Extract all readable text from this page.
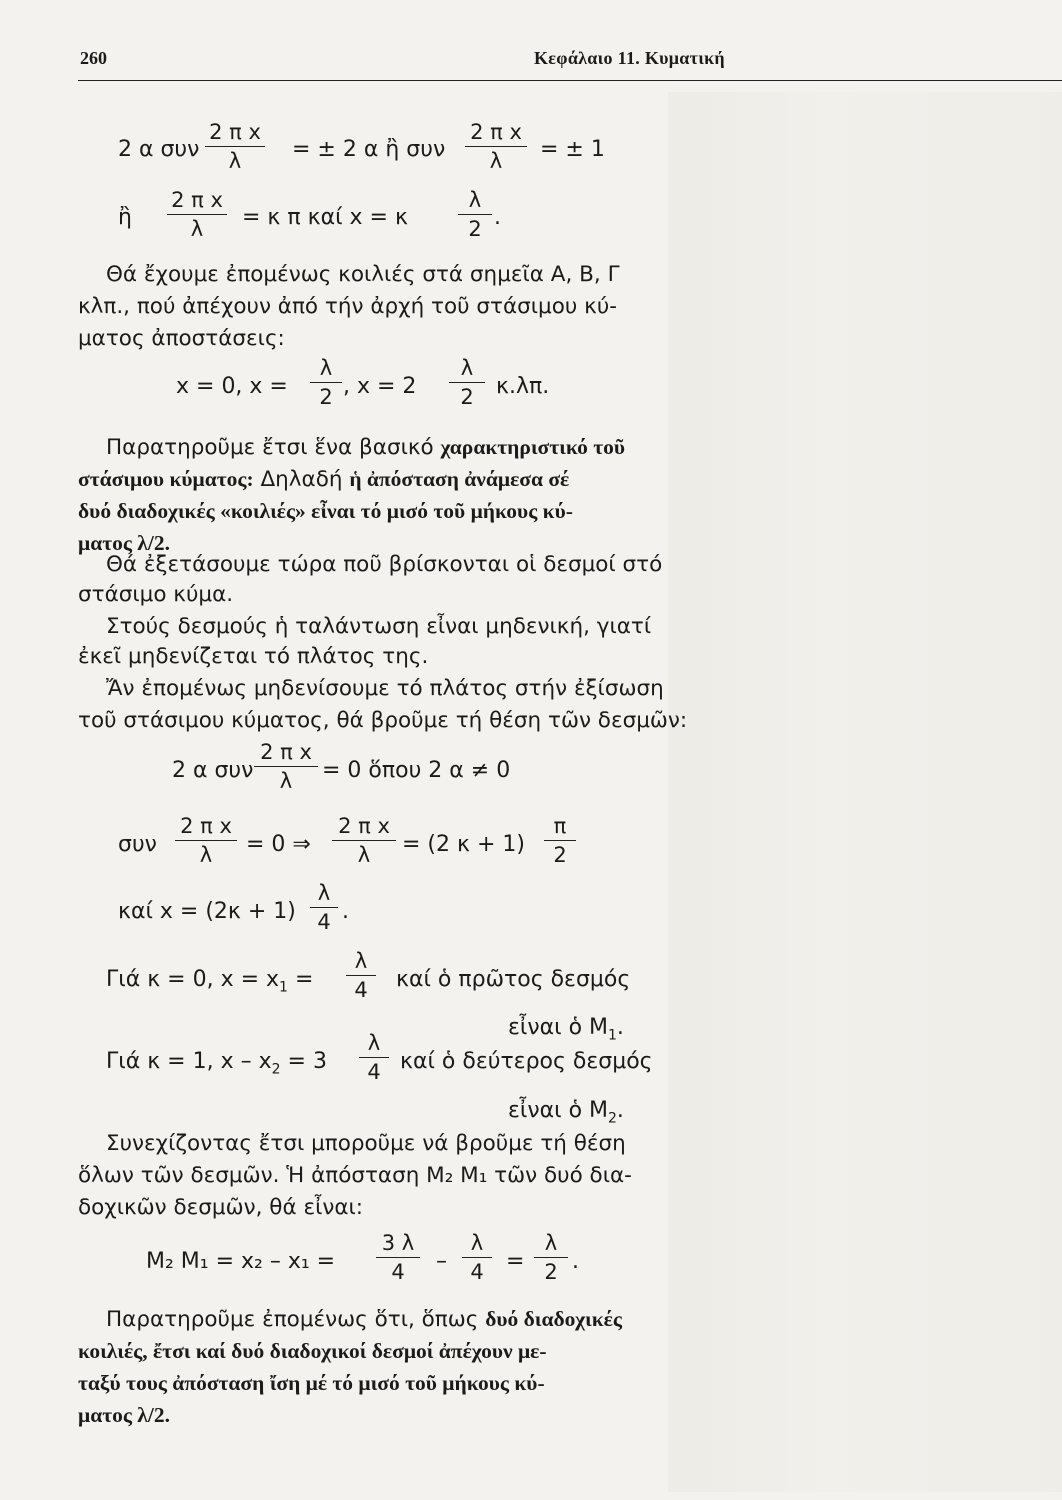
260	Κεφάλαιο 11. Κυματική
2 α συν
2 π x
λ	= ± 2 α ἢ συν
2 π x
λ	= ± 1
ἢ
2 π x
λ	= κ π καί x = κ
λ
2 .
Θά ἔχουμε ἐπομένως κοιλιές στά σημεῖα Α, Β, Γ
κλπ., πού ἀπέχουν ἀπό τήν ἀρχή τοῦ στάσιμου κύ-
ματος ἀποστάσεις:
x = 0, x =
λ
2 , x = 2
λ
2	κ.λπ.
Παρατηροῦμε ἔτσι ἕνα βασικό χαρακτηριστικό τοῦ
στάσιμου κύματος: Δηλαδή ἡ ἀπόσταση ἀνάμεσα σέ
δυό διαδοχικές «κοιλιές» εἶναι τό μισό τοῦ μήκους κύ-
ματος λ/2.
Θά ἐξετάσουμε τώρα ποῦ βρίσκονται οἱ δεσμοί στό
στάσιμο κύμα.
Στούς δεσμούς ἡ ταλάντωση εἶναι μηδενική, γιατί
ἐκεῖ μηδενίζεται τό πλάτος της.
Ἄν ἐπομένως μηδενίσουμε τό πλάτος στήν ἐξίσωση
τοῦ στάσιμου κύματος, θά βροῦμε τή θέση τῶν δεσμῶν:
2 α συν
2 π x
λ	= 0 ὅπου 2 α ≠ 0
συν
2 π x
λ	= 0 ⇒
2 π x
λ	= (2 κ + 1)
π
2
καί x = (2κ + 1)
λ
4 .
Γιά κ = 0, $x = x_1$ =
λ
4	καί ὁ πρῶτος δεσμός
εἶναι ὁ $M_1$.
Γιά κ = 1, $x - x_2 = 3$
λ
4 καί ὁ δεύτερος δεσμός
εἶναι ὁ $M_2$.
Συνεχίζοντας ἔτσι μποροῦμε νά βροῦμε τή θέση
ὅλων τῶν δεσμῶν. Ἡ ἀπόσταση Μ₂ Μ₁ τῶν δυό δια-
δοχικῶν δεσμῶν, θά εἶναι:
Μ₂ Μ₁ = x₂ – x₁ =
3 λ
4	–
λ
4	=
λ
2 .
Παρατηροῦμε ἐπομένως ὅτι, ὅπως δυό διαδοχικές
κοιλιές, ἔτσι καί δυό διαδοχικοί δεσμοί ἀπέχουν με-
ταξύ τους ἀπόσταση ἴση μέ τό μισό τοῦ μήκους κύ-
ματος λ/2.
